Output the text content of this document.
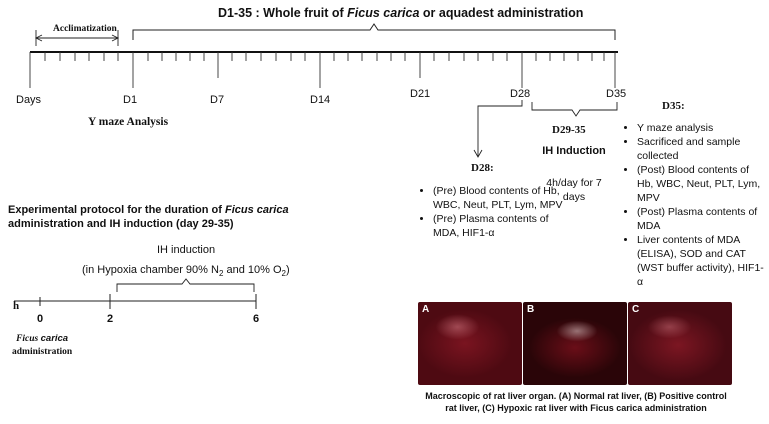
D1-35 : Whole fruit of Ficus carica or aquadest administration
Acclimatization
Days	D1	D7	D14	D21	D28	D35
Y maze Analysis
D28:
• (Pre) Blood contents of Hb, WBC, Neut, PLT, Lym, MPV
• (Pre) Plasma contents of MDA, HIF1-α
D29-35
IH Induction
4h/day for 7 days
D35:
• Y maze analysis
• Sacrificed and sample collected
• (Post) Blood contents of Hb, WBC, Neut, PLT, Lym, MPV
• (Post) Plasma contents of MDA
• Liver contents of MDA (ELISA), SOD and CAT (WST buffer activity), HIF1-α
Experimental protocol for the duration of Ficus carica
administration and IH induction (day 29-35)
IH induction
(in Hypoxia chamber 90% $N_2$ and 10% $O_2$)
h
0	2	6
Ficus carica
administration
A	B	C
Macroscopic of rat liver organ. (A) Normal rat liver, (B) Positive control
rat liver, (C) Hypoxic rat liver with Ficus carica administration
